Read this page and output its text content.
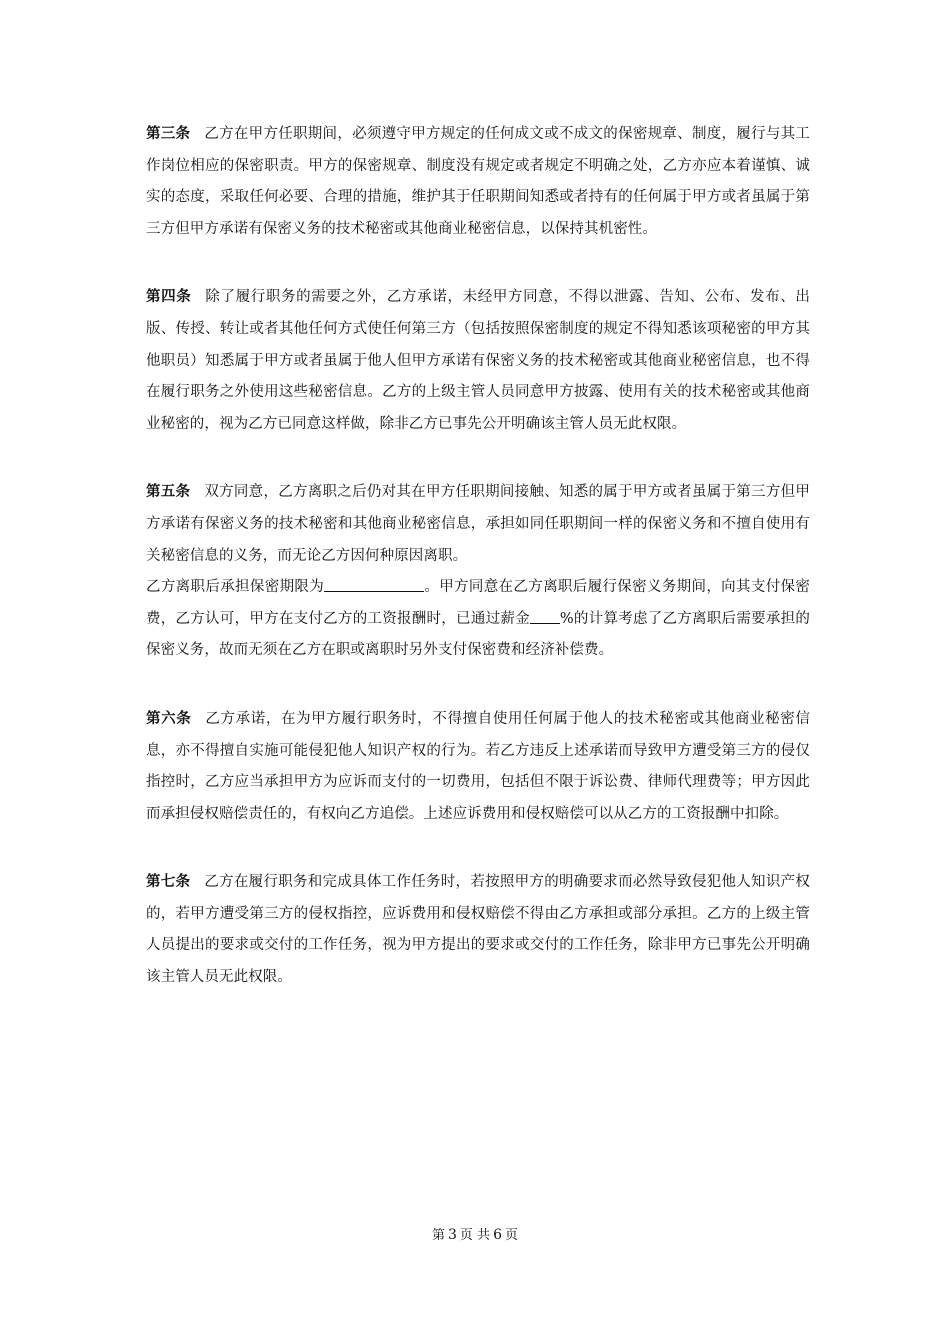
第三条 乙方在甲方任职期间，必须遵守甲方规定的任何成文或不成文的保密规章、制度，履行与其工作岗位相应的保密职责。甲方的保密规章、制度没有规定或者规定不明确之处，乙方亦应本着谨慎、诚实的态度，采取任何必要、合理的措施，维护其于任职期间知悉或者持有的任何属于甲方或者虽属于第三方但甲方承诺有保密义务的技术秘密或其他商业秘密信息，以保持其机密性。

第四条 除了履行职务的需要之外，乙方承诺，未经甲方同意，不得以泄露、告知、公布、发布、出版、传授、转让或者其他任何方式使任何第三方（包括按照保密制度的规定不得知悉该项秘密的甲方其他职员）知悉属于甲方或者虽属于他人但甲方承诺有保密义务的技术秘密或其他商业秘密信息，也不得在履行职务之外使用这些秘密信息。乙方的上级主管人员同意甲方披露、使用有关的技术秘密或其他商业秘密的，视为乙方已同意这样做，除非乙方已事先公开明确该主管人员无此权限。

第五条 双方同意，乙方离职之后仍对其在甲方任职期间接触、知悉的属于甲方或者虽属于第三方但甲方承诺有保密义务的技术秘密和其他商业秘密信息，承担如同任职期间一样的保密义务和不擅自使用有关秘密信息的义务，而无论乙方因何种原因离职。

乙方离职后承担保密期限为	。甲方同意在乙方离职后履行保密义务期间，向其支付保密费，乙方认可，甲方在支付乙方的工资报酬时，已通过薪金 %的计算考虑了乙方离职后需要承担的保密义务，故而无须在乙方在职或离职时另外支付保密费和经济补偿费。

第六条 乙方承诺，在为甲方履行职务时，不得擅自使用任何属于他人的技术秘密或其他商业秘密信息，亦不得擅自实施可能侵犯他人知识产权的行为。若乙方违反上述承诺而导致甲方遭受第三方的侵仅指控时，乙方应当承担甲方为应诉而支付的一切费用，包括但不限于诉讼费、律师代理费等；甲方因此而承担侵权赔偿责任的，有权向乙方追偿。上述应诉费用和侵权赔偿可以从乙方的工资报酬中扣除。

第七条 乙方在履行职务和完成具体工作任务时，若按照甲方的明确要求而必然导致侵犯他人知识产权的，若甲方遭受第三方的侵权指控，应诉费用和侵权赔偿不得由乙方承担或部分承担。乙方的上级主管人员提出的要求或交付的工作任务，视为甲方提出的要求或交付的工作任务，除非甲方已事先公开明确该主管人员无此权限。

第 3 页 共 6 页
